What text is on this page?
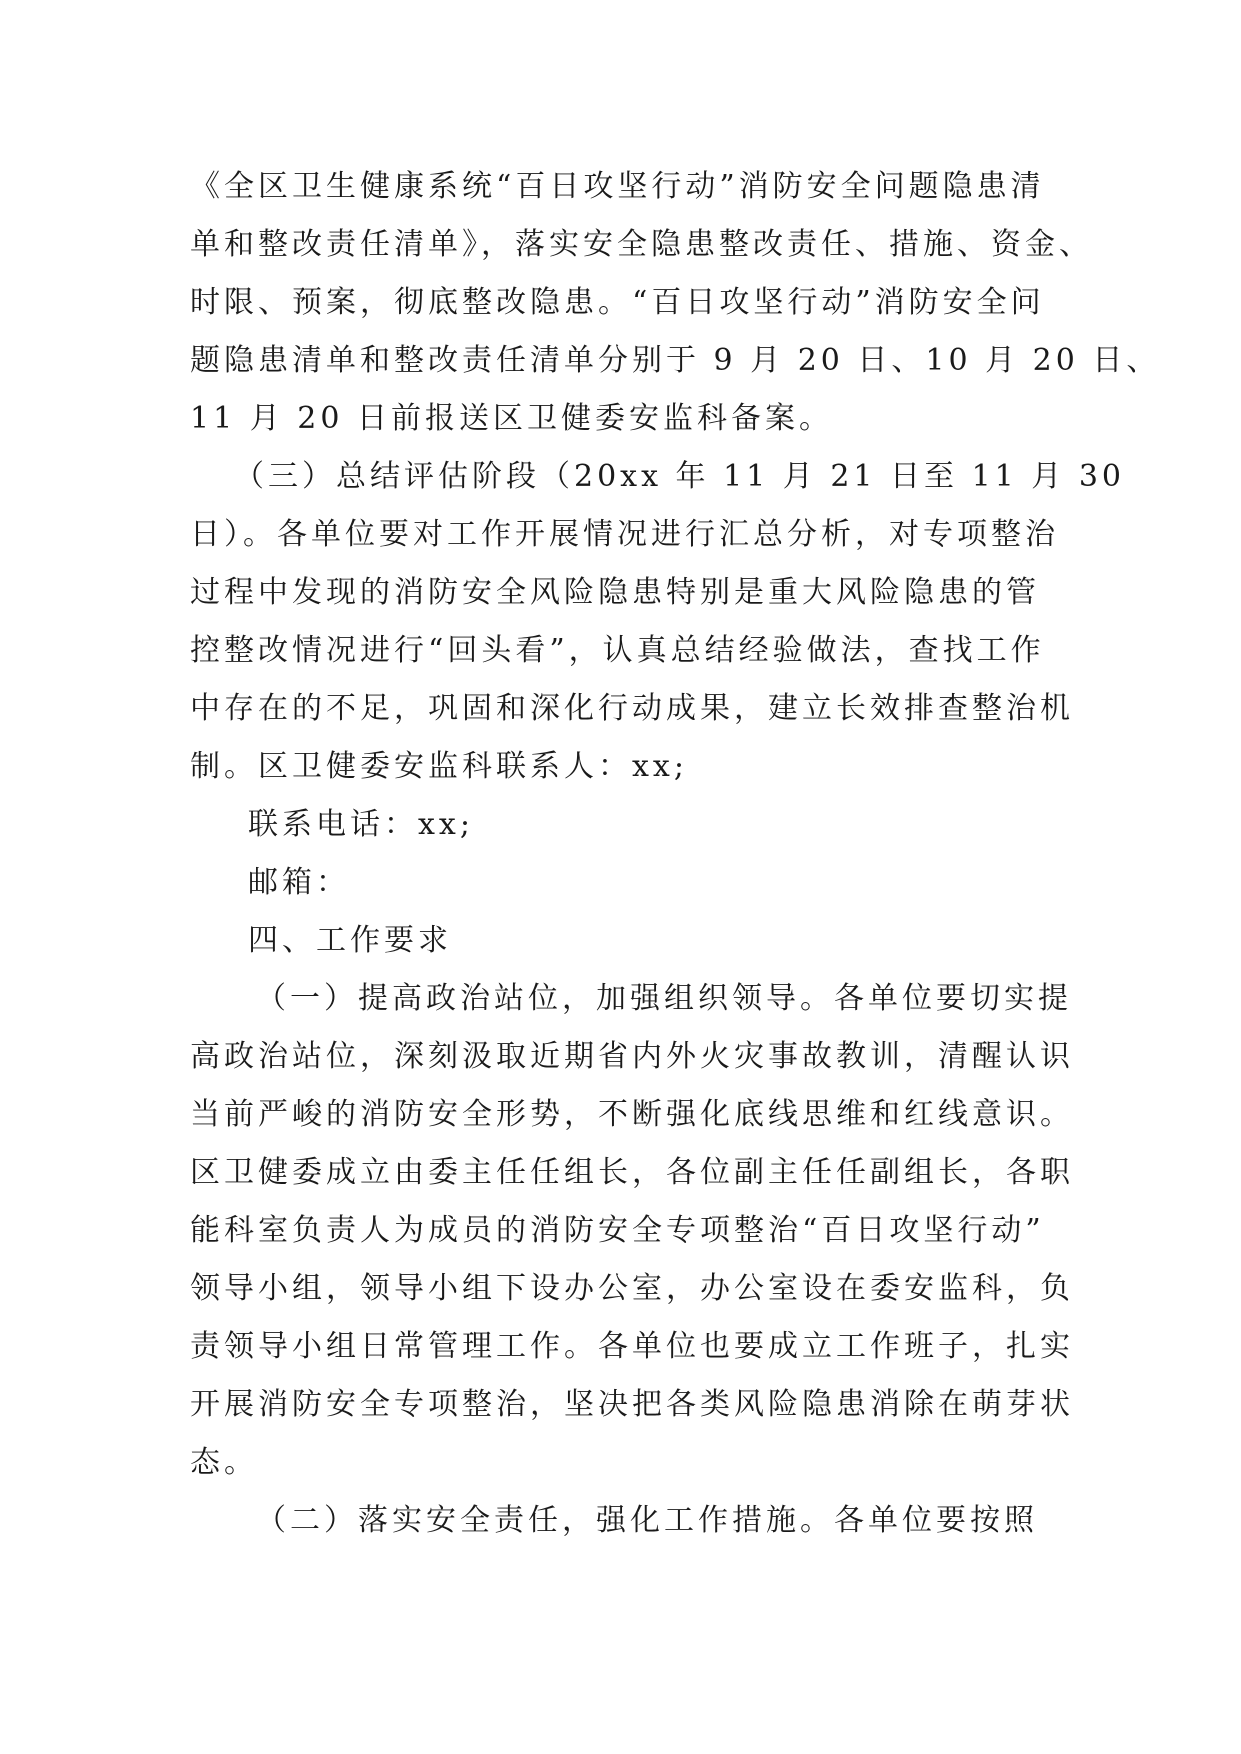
《全区卫生健康系统“百日攻坚行动”消防安全问题隐患清

单和整改责任清单》，落实安全隐患整改责任、措施、资金、

时限、预案，彻底整改隐患。“百日攻坚行动”消防安全问

题隐患清单和整改责任清单分别于 9 月 20 日、10 月 20 日、

11 月 20 日前报送区卫健委安监科备案。

（三）总结评估阶段（20xx 年 11 月 21 日至 11 月 30

日）。各单位要对工作开展情况进行汇总分析，对专项整治

过程中发现的消防安全风险隐患特别是重大风险隐患的管

控整改情况进行“回头看”，认真总结经验做法，查找工作

中存在的不足，巩固和深化行动成果，建立长效排查整治机

制。区卫健委安监科联系人：xx;

联系电话：xx;

邮箱：

四、工作要求

（一）提高政治站位，加强组织领导。各单位要切实提

高政治站位，深刻汲取近期省内外火灾事故教训，清醒认识

当前严峻的消防安全形势，不断强化底线思维和红线意识。

区卫健委成立由委主任任组长，各位副主任任副组长，各职

能科室负责人为成员的消防安全专项整治“百日攻坚行动”

领导小组，领导小组下设办公室，办公室设在委安监科，负

责领导小组日常管理工作。各单位也要成立工作班子，扎实

开展消防安全专项整治，坚决把各类风险隐患消除在萌芽状

态。

（二）落实安全责任，强化工作措施。各单位要按照
